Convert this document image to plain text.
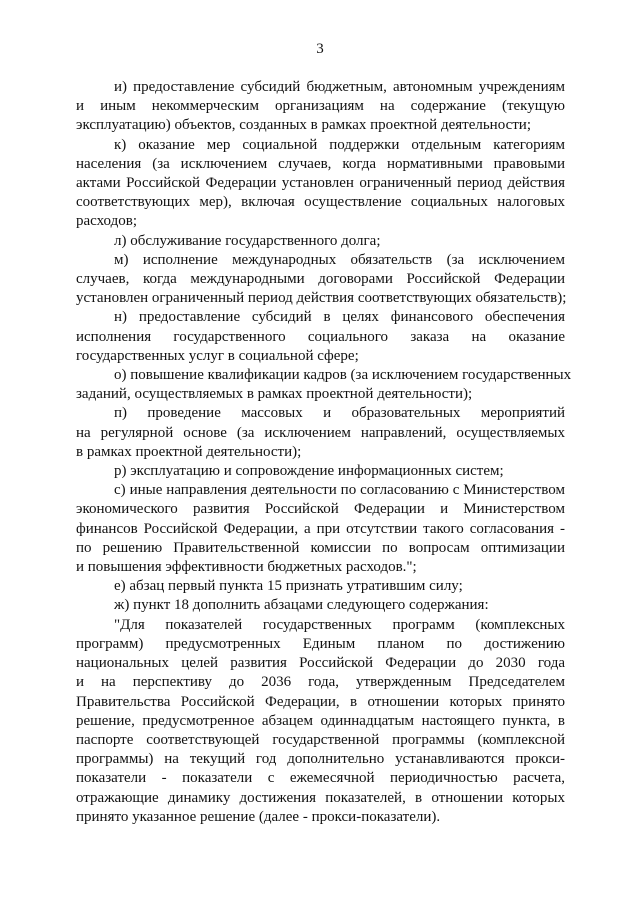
3
и) предоставление субсидий бюджетным, автономным учреждениям
и иным некоммерческим организациям на содержание (текущую
эксплуатацию) объектов, созданных в рамках проектной деятельности;
к) оказание мер социальной поддержки отдельным категориям
населения (за исключением случаев, когда нормативными правовыми
актами Российской Федерации установлен ограниченный период действия
соответствующих мер), включая осуществление социальных налоговых
расходов;
л) обслуживание государственного долга;
м) исполнение международных обязательств (за исключением
случаев, когда международными договорами Российской Федерации
установлен ограниченный период действия соответствующих обязательств);
н) предоставление субсидий в целях финансового обеспечения
исполнения государственного социального заказа на оказание
государственных услуг в социальной сфере;
о) повышение квалификации кадров (за исключением государственных
заданий, осуществляемых в рамках проектной деятельности);
п) проведение массовых и образовательных мероприятий
на регулярной основе (за исключением направлений, осуществляемых
в рамках проектной деятельности);
р) эксплуатацию и сопровождение информационных систем;
с) иные направления деятельности по согласованию с Министерством
экономического развития Российской Федерации и Министерством
финансов Российской Федерации, а при отсутствии такого согласования -
по решению Правительственной комиссии по вопросам оптимизации
и повышения эффективности бюджетных расходов.";
е) абзац первый пункта 15 признать утратившим силу;
ж) пункт 18 дополнить абзацами следующего содержания:
"Для показателей государственных программ (комплексных
программ) предусмотренных Единым планом по достижению
национальных целей развития Российской Федерации до 2030 года
и на перспективу до 2036 года, утвержденным Председателем
Правительства Российской Федерации, в отношении которых принято
решение, предусмотренное абзацем одиннадцатым настоящего пункта, в
паспорте соответствующей государственной программы (комплексной
программы) на текущий год дополнительно устанавливаются прокси-
показатели - показатели с ежемесячной периодичностью расчета,
отражающие динамику достижения показателей, в отношении которых
принято указанное решение (далее - прокси-показатели).
